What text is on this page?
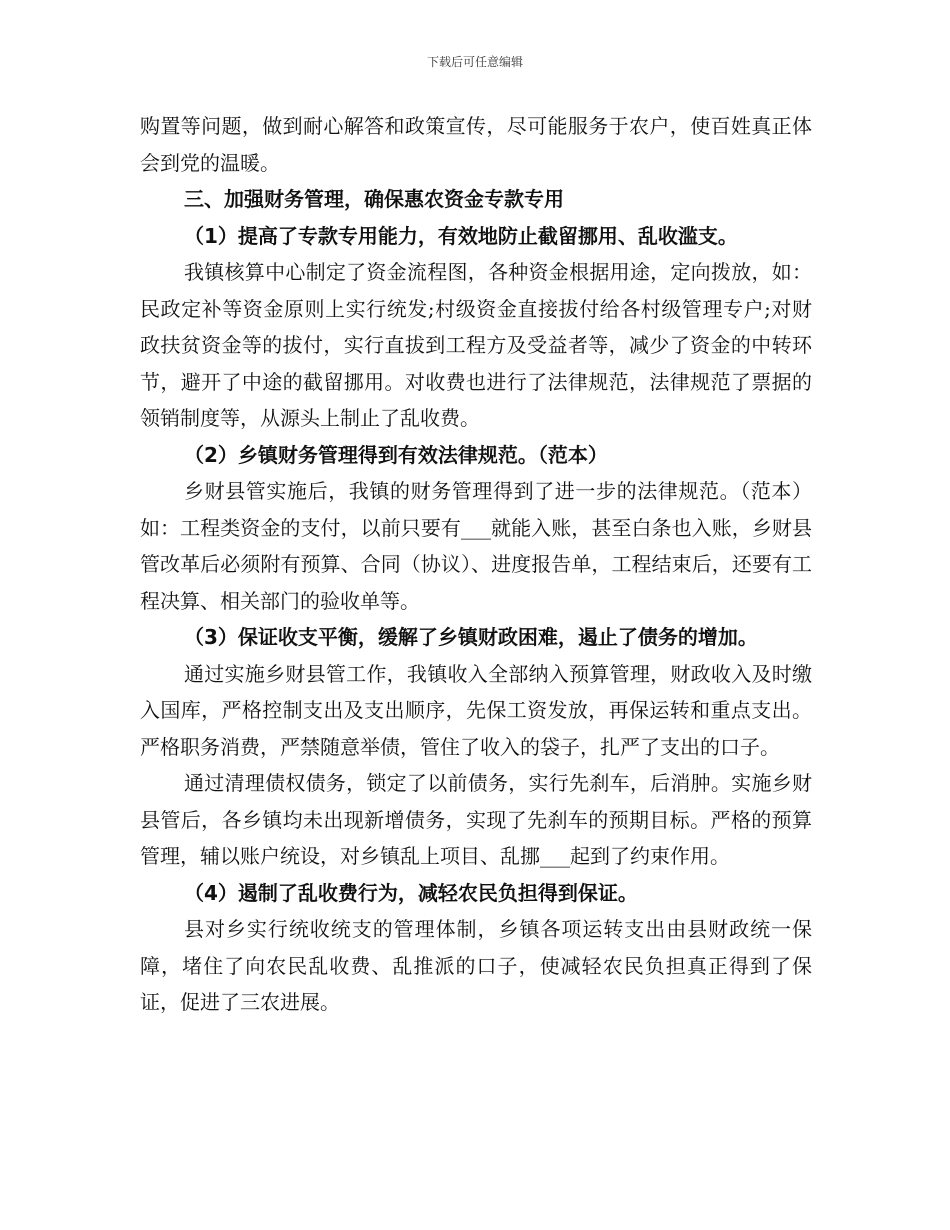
下载后可任意编辑

购置等问题，做到耐心解答和政策宣传，尽可能服务于农户，使百姓真正体会到党的温暖。

三、加强财务管理，确保惠农资金专款专用

（1）提高了专款专用能力，有效地防止截留挪用、乱收滥支。

我镇核算中心制定了资金流程图，各种资金根据用途，定向拨放，如：民政定补等资金原则上实行统发;村级资金直接拔付给各村级管理专户;对财政扶贫资金等的拔付，实行直拔到工程方及受益者等，减少了资金的中转环节，避开了中途的截留挪用。对收费也进行了法律规范，法律规范了票据的领销制度等，从源头上制止了乱收费。

（2）乡镇财务管理得到有效法律规范。（范本）

乡财县管实施后，我镇的财务管理得到了进一步的法律规范。（范本）如：工程类资金的支付，以前只要有___就能入账，甚至白条也入账，乡财县管改革后必须附有预算、合同（协议）、进度报告单，工程结束后，还要有工程决算、相关部门的验收单等。

（3）保证收支平衡，缓解了乡镇财政困难，遏止了债务的增加。

通过实施乡财县管工作，我镇收入全部纳入预算管理，财政收入及时缴入国库，严格控制支出及支出顺序，先保工资发放，再保运转和重点支出。严格职务消费，严禁随意举债，管住了收入的袋子，扎严了支出的口子。

通过清理债权债务，锁定了以前债务，实行先刹车，后消肿。实施乡财县管后，各乡镇均未出现新增债务，实现了先刹车的预期目标。严格的预算管理，辅以账户统设，对乡镇乱上项目、乱挪___起到了约束作用。

（4）遏制了乱收费行为，减轻农民负担得到保证。

县对乡实行统收统支的管理体制，乡镇各项运转支出由县财政统一保障，堵住了向农民乱收费、乱推派的口子，使减轻农民负担真正得到了保证，促进了三农进展。
